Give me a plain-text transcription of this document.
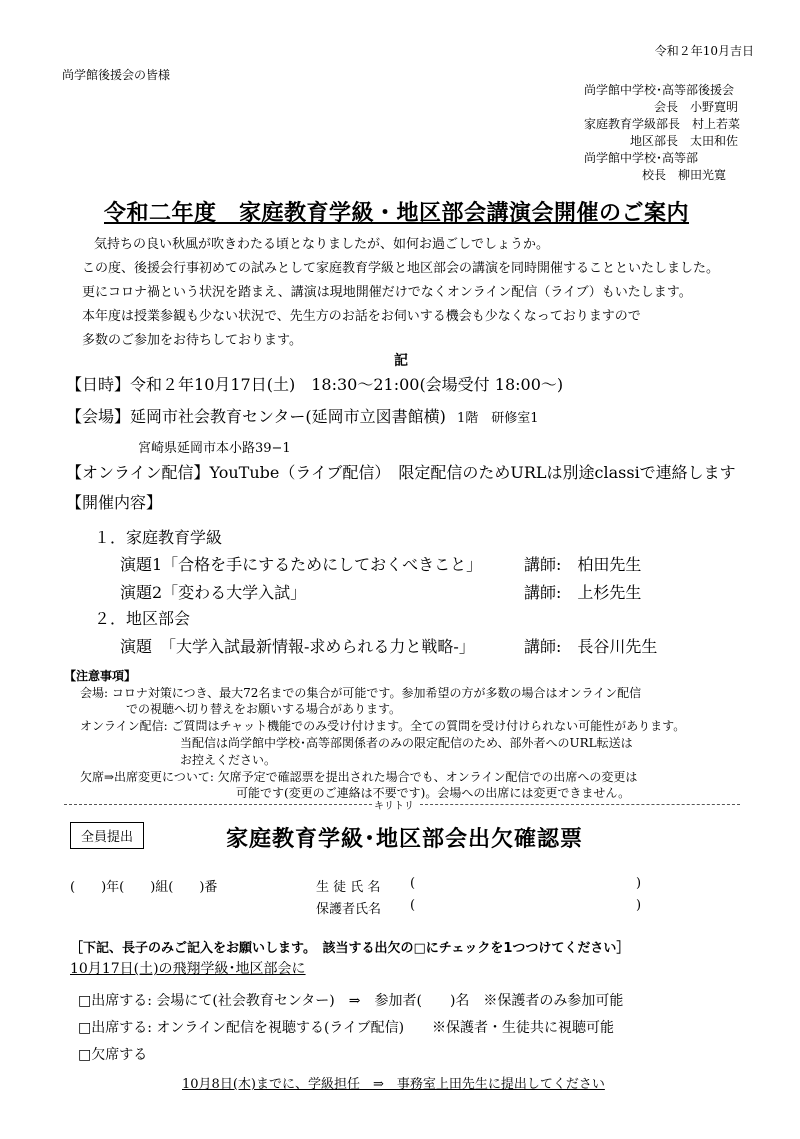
令和２年10月吉日
尚学館後援会の皆様
尚学館中学校･高等部後援会
会長　小野寛明
家庭教育学級部長　村上若菜
地区部長　太田和佐
尚学館中学校･高等部
校長　柳田光寛
令和二年度　家庭教育学級・地区部会講演会開催のご案内
気持ちの良い秋風が吹きわたる頃となりましたが、如何お過ごしでしょうか。
この度、後援会行事初めての試みとして家庭教育学級と地区部会の講演を同時開催することといたしました。
更にコロナ禍という状況を踏まえ、講演は現地開催だけでなくオンライン配信（ライブ）もいたします。
本年度は授業参観も少ない状況で、先生方のお話をお伺いする機会も少なくなっておりますので
多数のご参加をお待ちしております。
記
【日時】令和２年10月17日(土)　18:30～21:00(会場受付 18:00～)
【会場】延岡市社会教育センター(延岡市立図書館横) 1階　研修室1
宮崎県延岡市本小路39−1
【オンライン配信】YouTube（ライブ配信）　限定配信のためURLは別途classiで連絡します
【開催内容】
１．家庭教育学級
演題1「合格を手にするためにしておくべきこと」	講師:　柏田先生
演題2「変わる大学入試」	講師:　上杉先生
２．地区部会
演題　「大学入試最新情報-求められる力と戦略-」	講師:　長谷川先生
【注意事項】
会場: コロナ対策につき、最大72名までの集合が可能です。参加希望の方が多数の場合はオンライン配信
での視聴へ切り替えをお願いする場合があります。
オンライン配信: ご質問はチャット機能でのみ受け付けます。全ての質問を受け付けられない可能性があります。
当配信は尚学館中学校･高等部関係者のみの限定配信のため、部外者へのURL転送は
お控えください。
欠席⇒出席変更について: 欠席予定で確認票を提出された場合でも、オンライン配信での出席への変更は
可能です(変更のご連絡は不要です)。会場への出席には変更できません。
キリトリ
全員提出	家庭教育学級･地区部会出欠確認票
(　　)年(　　)組(　　)番	生 徒 氏 名 (	)
保護者氏名 (	)
［下記、長子のみご記入をお願いします。　該当する出欠の□にチェックを1つつけてください］
10月17日(土)の飛翔学級･地区部会に
□出席する: 会場にて(社会教育センター)　⇒　参加者(　　)名　※保護者のみ参加可能
□出席する: オンライン配信を視聴する(ライブ配信)　　※保護者・生徒共に視聴可能
□欠席する
10月8日(木)までに、学級担任　⇒　事務室上田先生に提出してください
